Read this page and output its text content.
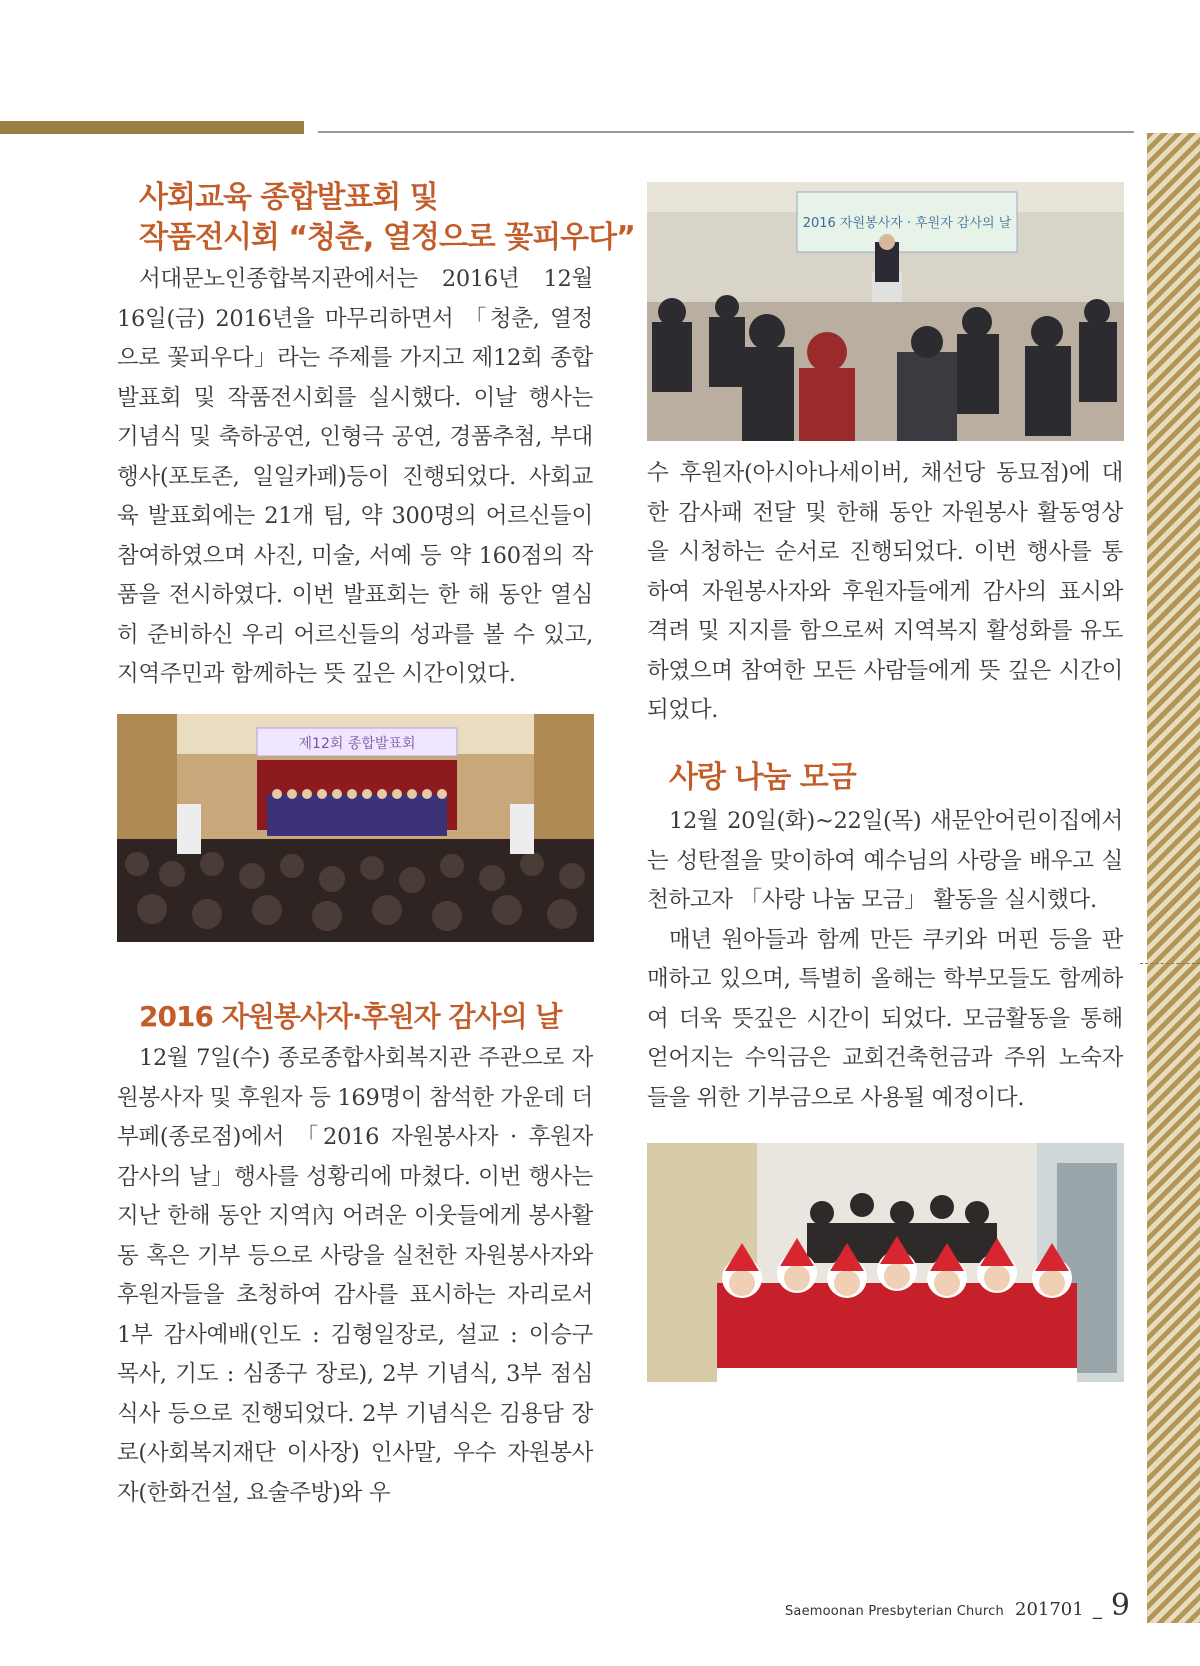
사회교육 종합발표회 및
작품전시회 “청춘, 열정으로 꽃피우다”

서대문노인종합복지관에서는 2016년 12월 16일(금) 2016년을 마무리하면서 「청춘, 열정으로 꽃피우다」라는 주제를 가지고 제12회 종합발표회 및 작품전시회를 실시했다. 이날 행사는 기념식 및 축하공연, 인형극 공연, 경품추첨, 부대행사(포토존, 일일카페)등이 진행되었다. 사회교육 발표회에는 21개 팀, 약 300명의 어르신들이 참여하였으며 사진, 미술, 서예 등 약 160점의 작품을 전시하였다. 이번 발표회는 한 해 동안 열심히 준비하신 우리 어르신들의 성과를 볼 수 있고, 지역주민과 함께하는 뜻 깊은 시간이었다.

제12회 종합발표회
2016 자원봉사자·후원자 감사의 날

12월 7일(수) 종로종합사회복지관 주관으로 자원봉사자 및 후원자 등 169명이 참석한 가운데 더부페(종로점)에서 「2016 자원봉사자 · 후원자 감사의 날」행사를 성황리에 마쳤다. 이번 행사는 지난 한해 동안 지역內 어려운 이웃들에게 봉사활동 혹은 기부 등으로 사랑을 실천한 자원봉사자와 후원자들을 초청하여 감사를 표시하는 자리로서 1부 감사예배(인도 : 김형일장로, 설교 : 이승구 목사, 기도 : 심종구 장로), 2부 기념식, 3부 점심식사 등으로 진행되었다. 2부 기념식은 김용담 장로(사회복지재단 이사장) 인사말, 우수 자원봉사자(한화건설, 요술주방)와 우

2016 자원봉사자 · 후원자 감사의 날

수 후원자(아시아나세이버, 채선당 동묘점)에 대한 감사패 전달 및 한해 동안 자원봉사 활동영상을 시청하는 순서로 진행되었다. 이번 행사를 통하여 자원봉사자와 후원자들에게 감사의 표시와 격려 및 지지를 함으로써 지역복지 활성화를 유도하였으며 참여한 모든 사람들에게 뜻 깊은 시간이 되었다.

사랑 나눔 모금

12월 20일(화)~22일(목) 새문안어린이집에서는 성탄절을 맞이하여 예수님의 사랑을 배우고 실천하고자 「사랑 나눔 모금」 활동을 실시했다.

매년 원아들과 함께 만든 쿠키와 머핀 등을 판매하고 있으며, 특별히 올해는 학부모들도 함께하여 더욱 뜻깊은 시간이 되었다. 모금활동을 통해 얻어지는 수익금은 교회건축헌금과 주위 노숙자들을 위한 기부금으로 사용될 예정이다.

Saemoonan Presbyterian Church 201701 _ 9
